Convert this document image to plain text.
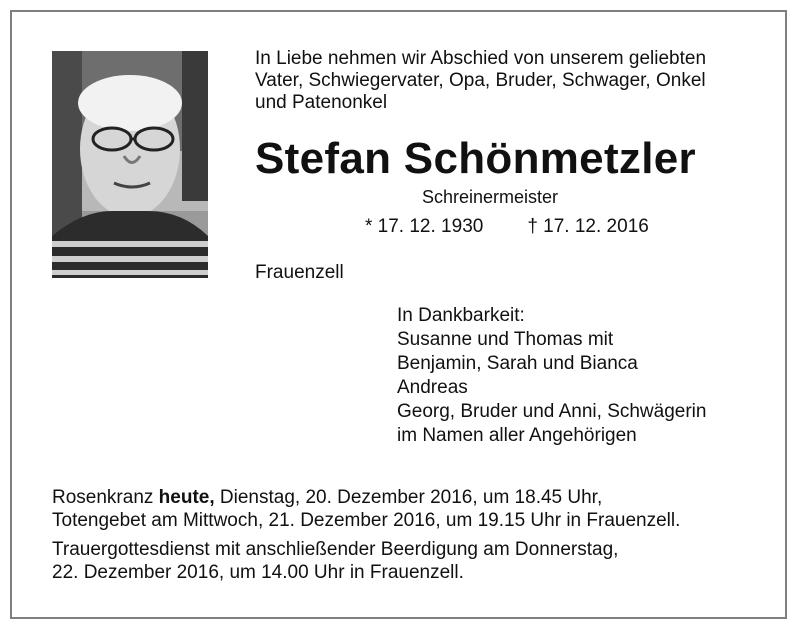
In Liebe nehmen wir Abschied von unserem geliebten
Vater, Schwiegervater, Opa, Bruder, Schwager, Onkel
und Patenonkel
Stefan Schönmetzler
Schreinermeister
* 17. 12. 1930 † 17. 12. 2016
Frauenzell
In Dankbarkeit:
Susanne und Thomas mit
Benjamin, Sarah und Bianca
Andreas
Georg, Bruder und Anni, Schwägerin
im Namen aller Angehörigen
Rosenkranz heute, Dienstag, 20. Dezember 2016, um 18.45 Uhr,
Totengebet am Mittwoch, 21. Dezember 2016, um 19.15 Uhr in Frauenzell.
Trauergottesdienst mit anschließender Beerdigung am Donnerstag,
22. Dezember 2016, um 14.00 Uhr in Frauenzell.
